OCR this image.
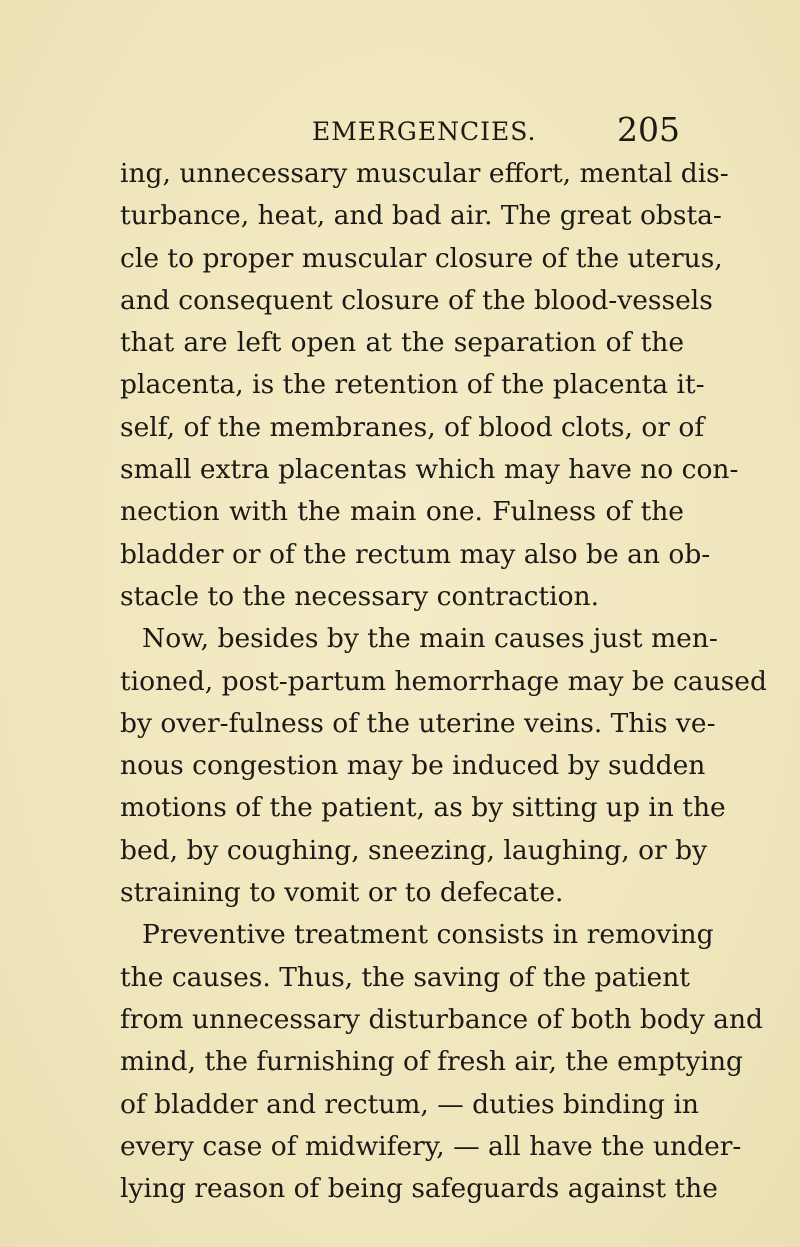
EMERGENCIES. 205
ing, unnecessary muscular effort, mental dis-
turbance, heat, and bad air. The great obsta-
cle to proper muscular closure of the uterus,
and consequent closure of the blood-vessels
that are left open at the separation of the
placenta, is the retention of the placenta it-
self, of the membranes, of blood clots, or of
small extra placentas which may have no con-
nection with the main one. Fulness of the
bladder or of the rectum may also be an ob-
stacle to the necessary contraction.
Now, besides by the main causes just men-
tioned, post-partum hemorrhage may be caused
by over-fulness of the uterine veins. This ve-
nous congestion may be induced by sudden
motions of the patient, as by sitting up in the
bed, by coughing, sneezing, laughing, or by
straining to vomit or to defecate.
Preventive treatment consists in removing
the causes. Thus, the saving of the patient
from unnecessary disturbance of both body and
mind, the furnishing of fresh air, the emptying
of bladder and rectum, — duties binding in
every case of midwifery, — all have the under-
lying reason of being safeguards against the
